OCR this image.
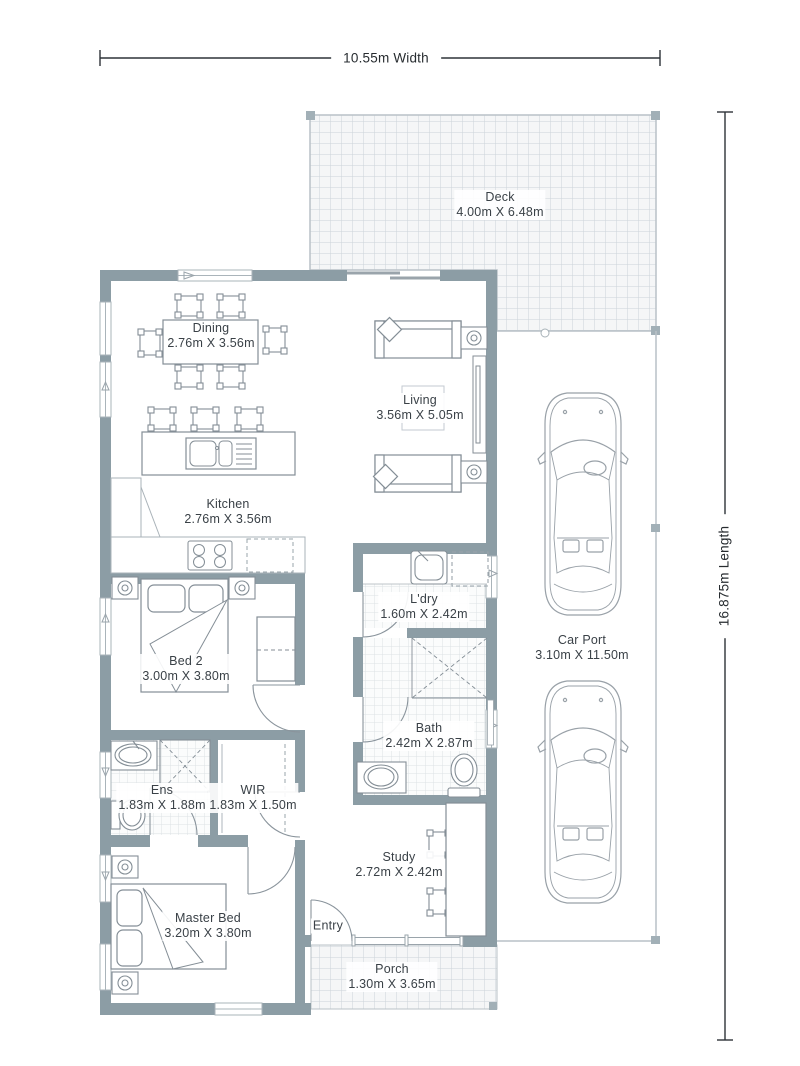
10.55m Width
16.875m Length
Deck
4.00m X 6.48m
Dining
2.76m X 3.56m
Living
3.56m X 5.05m
Kitchen
2.76m X 3.56m
L'dry
1.60m X 2.42m
Bed 2
3.00m X 3.80m
Car Port
3.10m X 11.50m
Bath
2.42m X 2.87m
Ens
1.83m X 1.88m
WIR
1.83m X 1.50m
Study
2.72m X 2.42m
Master Bed
3.20m X 3.80m
Entry
Porch
1.30m X 3.65m
